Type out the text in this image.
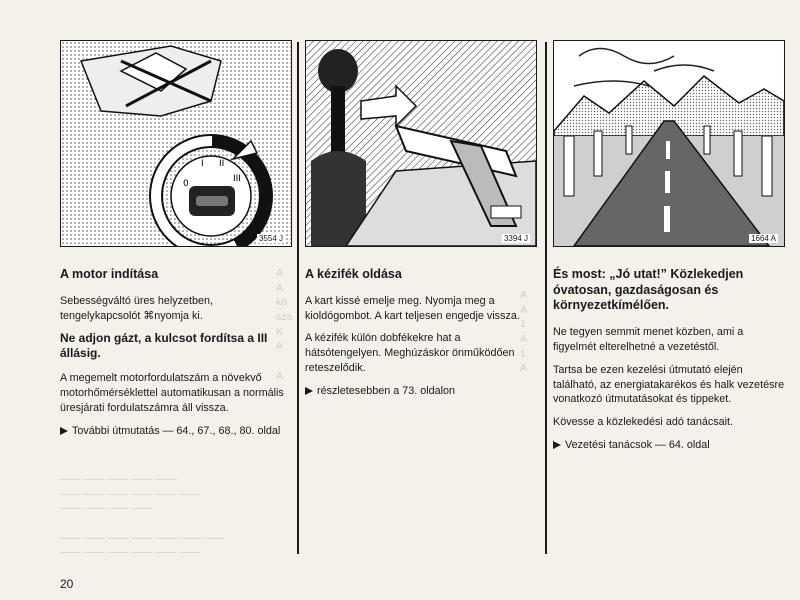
A
A
kö
sza
K
A

A
A
A
1
A
1
A
—— —— —— —— ——
—— —— —— —— —— ——
—— —— —— ——

—— —— —— —— —— —— ——
—— —— —— —— —— ——
0
I II
III
3554 J
A motor indítása

Sebességváltó üres helyzetben, tengelykapcsolót ⌘nyomja ki.

Ne adjon gázt, a kulcsot fordítsa a III állásig.

A megemelt motorfordulatszám a növekvő motorhőmérséklettel automatikusan a normális üresjárati fordulatszámra áll vissza.

További útmutatás — 64., 67., 68., 80. oldal

3394 J
A kézifék oldása

A kart kissé emelje meg. Nyomja meg a kioldógombot. A kart teljesen engedje vissza.

A kézifék külön dobfékekre hat a hátsótengelyen. Meghúzáskor önműködően reteszelődik.

részletesebben a 73. oldalon

1664 A
És most: „Jó utat!” Közlekedjen óvatosan, gazdaságosan és környezetkímélően.

Ne tegyen semmit menet közben, ami a figyelmét elterelhetné a vezetéstől.

Tartsa be ezen kezelési útmutató elején található, az energiatakarékos és halk vezetésre vonatkozó útmutatásokat és tippeket.

Kövesse a közlekedési adó tanácsait.

Vezetési tanácsok — 64. oldal

20
